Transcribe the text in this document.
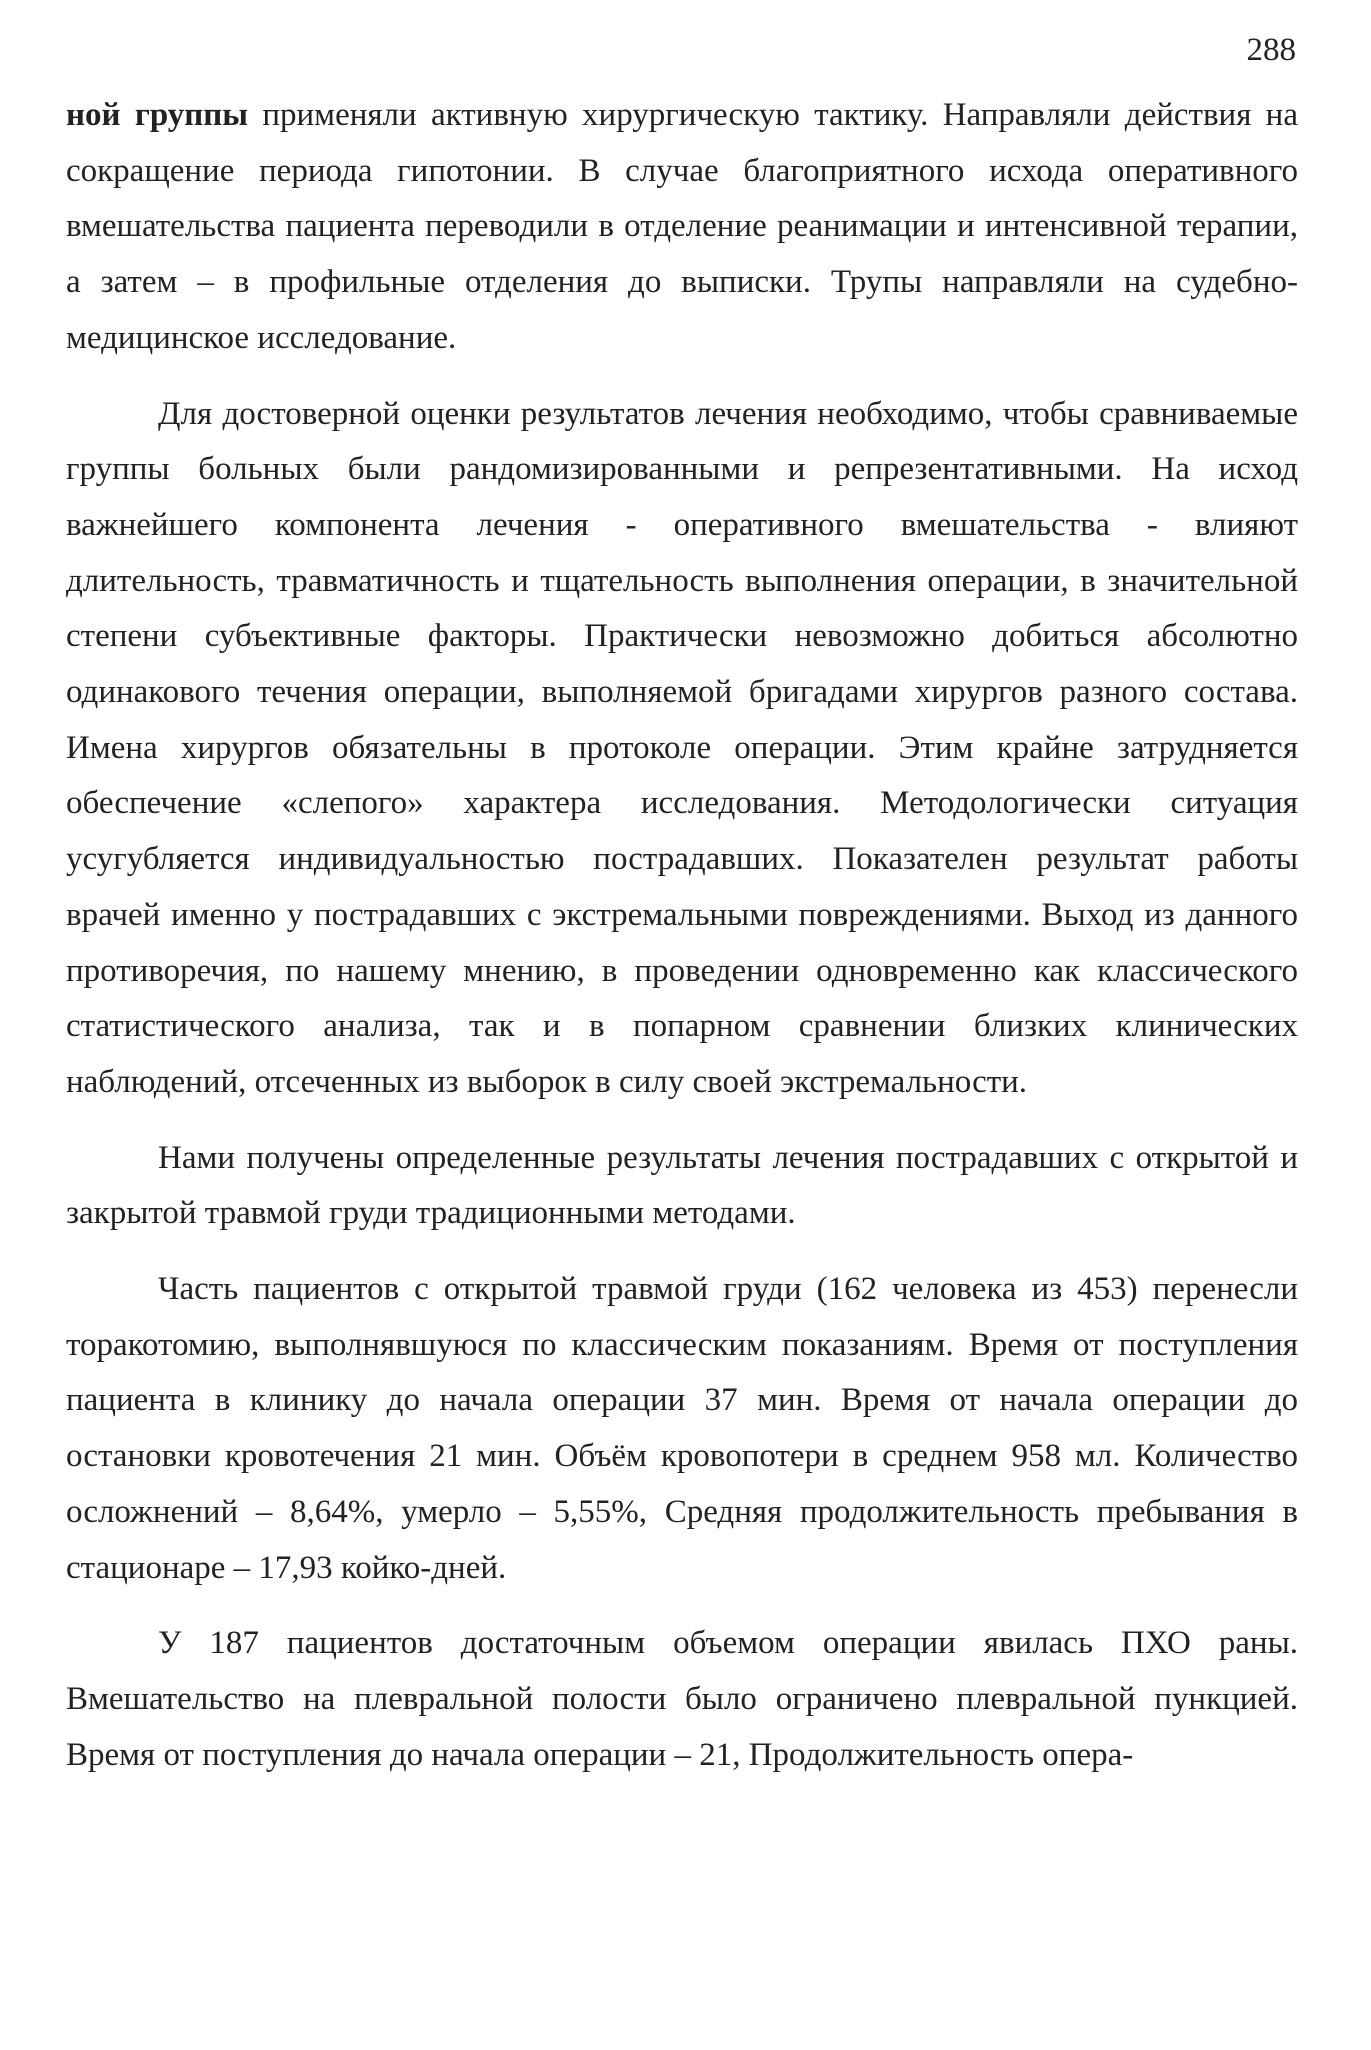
288

ной группы применяли активную хирургическую тактику. Направляли действия на сокращение периода гипотонии. В случае благоприятного исхода оперативного вмешательства пациента переводили в отделение реанимации и интенсивной терапии, а затем – в профильные отделения до выписки. Трупы направляли на судебно-медицинское исследование.

Для достоверной оценки результатов лечения необходимо, чтобы сравниваемые группы больных были рандомизированными и репрезентативными. На исход важнейшего компонента лечения - оперативного вмешательства - влияют длительность, травматичность и тщательность выполнения операции, в значительной степени субъективные факторы. Практически невозможно добиться абсолютно одинакового течения операции, выполняемой бригадами хирургов разного состава. Имена хирургов обязательны в протоколе операции. Этим крайне затрудняется обеспечение «слепого» характера исследования. Методологически ситуация усугубляется индивидуальностью пострадавших. Показателен результат работы врачей именно у пострадавших с экстремальными повреждениями. Выход из данного противоречия, по нашему мнению, в проведении одновременно как классического статистического анализа, так и в попарном сравнении близких клинических наблюдений, отсеченных из выборок в силу своей экстремальности.

Нами получены определенные результаты лечения пострадавших с открытой и закрытой травмой груди традиционными методами.

Часть пациентов с открытой травмой груди (162 человека из 453) перенесли торакотомию, выполнявшуюся по классическим показаниям. Время от поступления пациента в клинику до начала операции 37 мин. Время от начала операции до остановки кровотечения 21 мин. Объём кровопотери в среднем 958 мл. Количество осложнений – 8,64%, умерло – 5,55%, Средняя продолжительность пребывания в стационаре – 17,93 койко-дней.

У 187 пациентов достаточным объемом операции явилась ПХО раны. Вмешательство на плевральной полости было ограничено плевральной пункцией. Время от поступления до начала операции – 21, Продолжительность опера-
